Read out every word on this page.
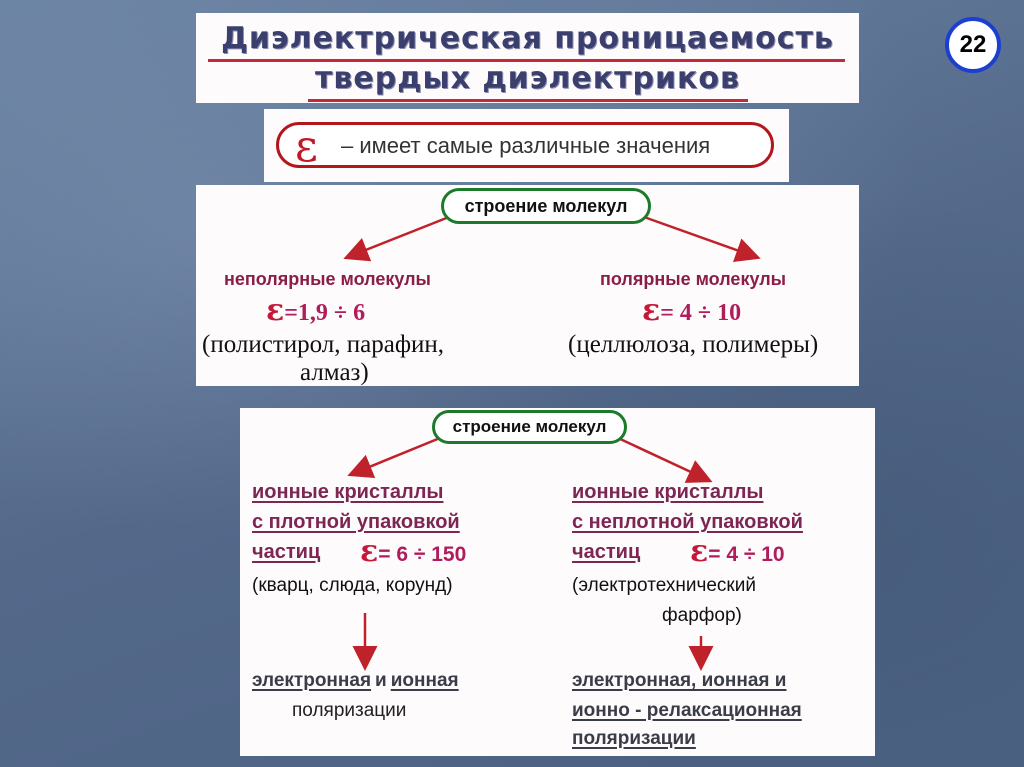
Диэлектрическая проницаемость
твердых диэлектриков
22
ε – имеет самые различные значения
строение молекул
неполярные молекулы
ε=1,9 ÷ 6
(полистирол, парафин,
алмаз)
полярные молекулы
ε= 4 ÷ 10
(целлюлоза, полимеры)
строение молекул
ионные кристаллы
с плотной упаковкой
частиц ε= 6 ÷ 150
(кварц, слюда, корунд)
электронная и ионная
поляризации
ионные кристаллы
с неплотной упаковкой
частиц ε= 4 ÷ 10
(электротехнический
фарфор)
электронная, ионная и
ионно - релаксационная
поляризации
